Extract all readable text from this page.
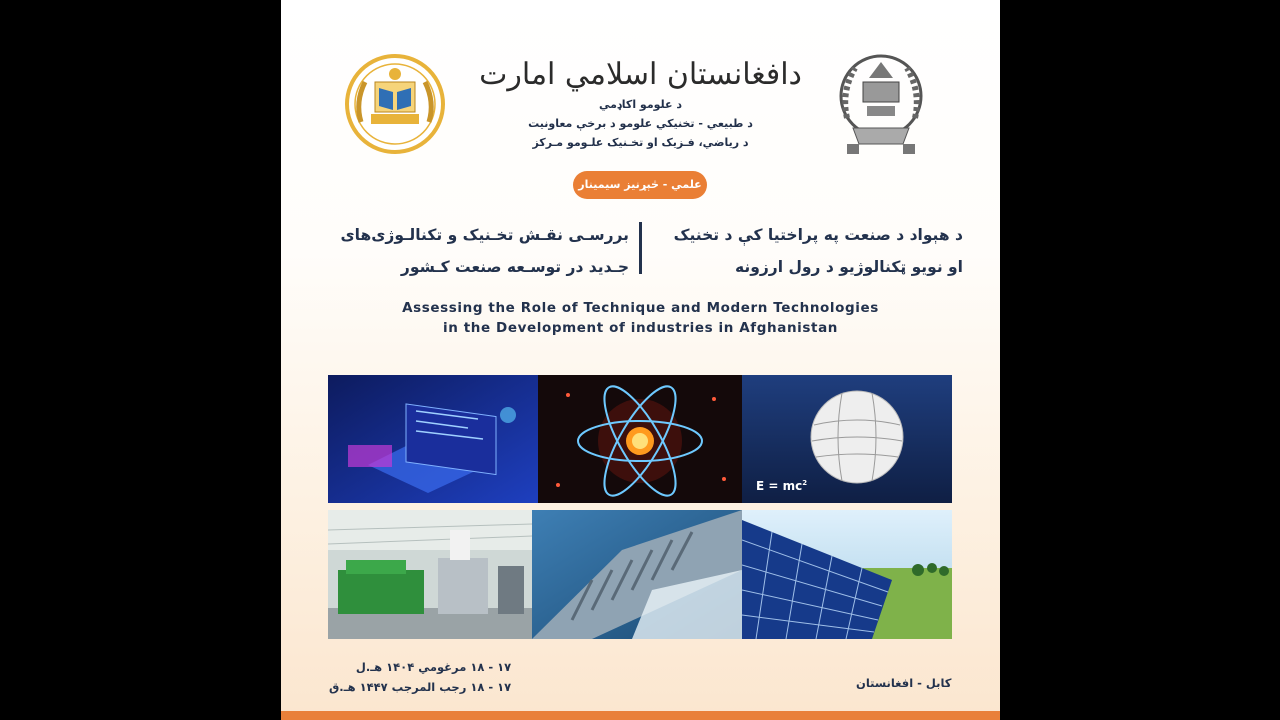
دافغانستان اسلامي امارت
د علومو اکاډمي
د طبيعي - تخنيکي علومو د برخې معاونيت
د رياضي، فـزيک او تخـنيک علـومو مـرکز
علمي - څېړنيز سيمينار
بررسـی نقـش تخـنیک و تکنالـوژی‌های
جـدید در توسـعه صنعت کـشور
د هېواد د صنعت په پراختيا کې د تخنيک
او نويو ټکنالوژيو د رول ارزونه
Assessing the Role of Technique and Modern Technologies
in the Development of industries in Afghanistan
$E = mc^2$
۱۷ - ۱۸ مرغومي ۱۴۰۴ هـ.ل
۱۷ - ۱۸ رجب المرجب ۱۴۴۷ هـ.ق	کابل - افغانستان
